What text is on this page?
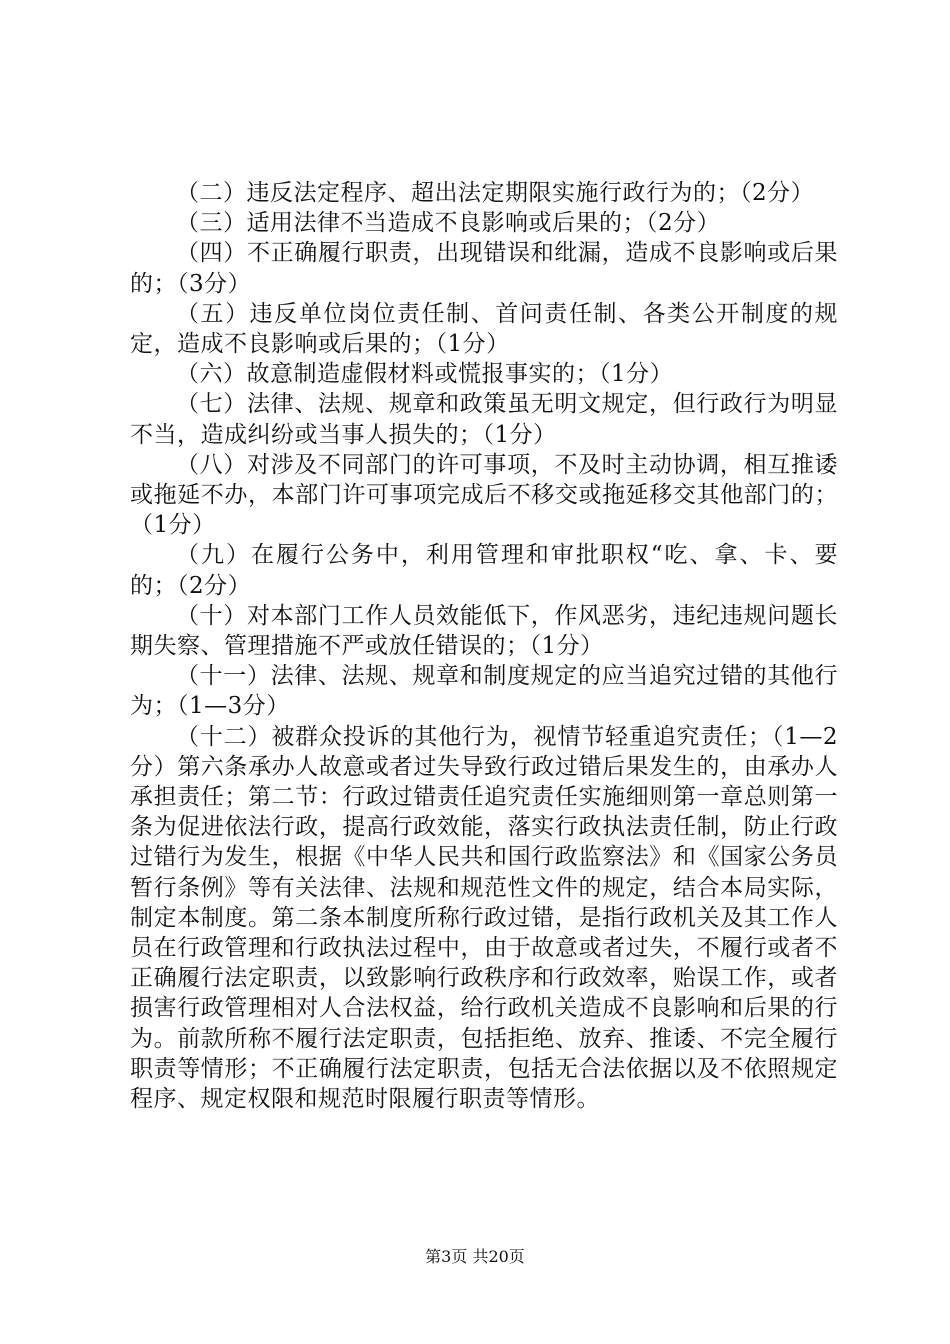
（二）违反法定程序、超出法定期限实施行政行为的；（2分）

（三）适用法律不当造成不良影响或后果的；（2分）

（四）不正确履行职责，出现错误和纰漏，造成不良影响或后果的；（3分）

（五）违反单位岗位责任制、首问责任制、各类公开制度的规定，造成不良影响或后果的；（1分）

（六）故意制造虚假材料或慌报事实的；（1分）

（七）法律、法规、规章和政策虽无明文规定，但行政行为明显不当，造成纠纷或当事人损失的；（1分）

（八）对涉及不同部门的许可事项，不及时主动协调，相互推诿或拖延不办，本部门许可事项完成后不移交或拖延移交其他部门的；（1分）

（九）在履行公务中，利用管理和审批职权“吃、拿、卡、要的；（2分）

（十）对本部门工作人员效能低下，作风恶劣，违纪违规问题长期失察、管理措施不严或放任错误的；（1分）

（十一）法律、法规、规章和制度规定的应当追究过错的其他行为；（1—3分）

（十二）被群众投诉的其他行为，视情节轻重追究责任；（1—2分）第六条承办人故意或者过失导致行政过错后果发生的，由承办人承担责任；第二节：行政过错责任追究责任实施细则第一章总则第一条为促进依法行政，提高行政效能，落实行政执法责任制，防止行政过错行为发生，根据《中华人民共和国行政监察法》和《国家公务员暂行条例》等有关法律、法规和规范性文件的规定，结合本局实际，制定本制度。第二条本制度所称行政过错，是指行政机关及其工作人员在行政管理和行政执法过程中，由于故意或者过失，不履行或者不正确履行法定职责，以致影响行政秩序和行政效率，贻误工作，或者损害行政管理相对人合法权益，给行政机关造成不良影响和后果的行为。前款所称不履行法定职责，包括拒绝、放弃、推诿、不完全履行职责等情形；不正确履行法定职责，包括无合法依据以及不依照规定程序、规定权限和规范时限履行职责等情形。

第3页 共20页
